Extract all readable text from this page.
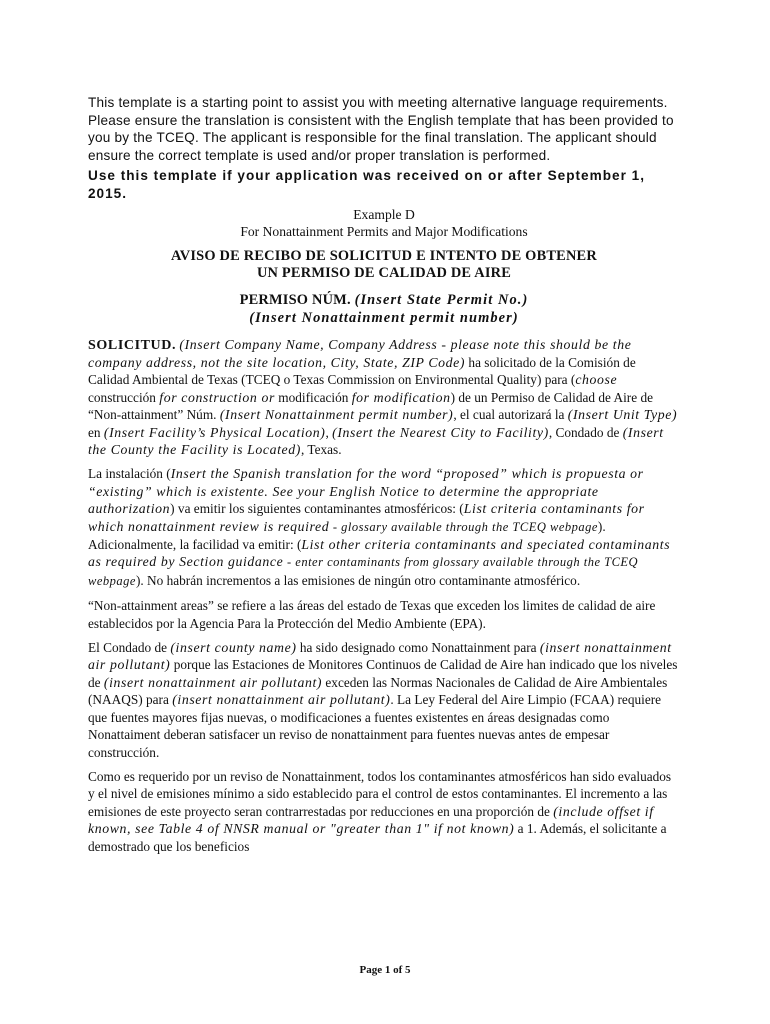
This template is a starting point to assist you with meeting alternative language requirements. Please ensure the translation is consistent with the English template that has been provided to you by the TCEQ. The applicant is responsible for the final translation. The applicant should ensure the correct template is used and/or proper translation is performed.

Use this template if your application was received on or after September 1, 2015.

Example D

For Nonattainment Permits and Major Modifications

AVISO DE RECIBO DE SOLICITUD E INTENTO DE OBTENER
UN PERMISO DE CALIDAD DE AIRE
PERMISO NÚM. (Insert State Permit No.)
(Insert Nonattainment permit number)

SOLICITUD. (Insert Company Name, Company Address - please note this should be the company address, not the site location, City, State, ZIP Code) ha solicitado de la Comisión de Calidad Ambiental de Texas (TCEQ o Texas Commission on Environmental Quality) para (choose construcción for construction or modificación for modification) de un Permiso de Calidad de Aire de “Non-attainment” Núm. (Insert Nonattainment permit number), el cual autorizará la (Insert Unit Type) en (Insert Facility’s Physical Location), (Insert the Nearest City to Facility), Condado de (Insert the County the Facility is Located), Texas.

La instalación (Insert the Spanish translation for the word “proposed” which is propuesta or “existing” which is existente. See your English Notice to determine the appropriate authorization) va emitir los siguientes contaminantes atmosféricos: (List criteria contaminants for which nonattainment review is required - glossary available through the TCEQ webpage). Adicionalmente, la facilidad va emitir: (List other criteria contaminants and speciated contaminants as required by Section guidance - enter contaminants from glossary available through the TCEQ webpage). No habrán incrementos a las emisiones de ningún otro contaminante atmosférico.

“Non-attainment areas” se refiere a las áreas del estado de Texas que exceden los limites de calidad de aire establecidos por la Agencia Para la Protección del Medio Ambiente (EPA).

El Condado de (insert county name) ha sido designado como Nonattainment para (insert nonattainment air pollutant) porque las Estaciones de Monitores Continuos de Calidad de Aire han indicado que los niveles de (insert nonattainment air pollutant) exceden las Normas Nacionales de Calidad de Aire Ambientales (NAAQS) para (insert nonattainment air pollutant). La Ley Federal del Aire Limpio (FCAA) requiere que fuentes mayores fijas nuevas, o modificaciones a fuentes existentes en áreas designadas como Nonattaiment deberan satisfacer un reviso de nonattainment para fuentes nuevas antes de empesar construcción.

Como es requerido por un reviso de Nonattainment, todos los contaminantes atmosféricos han sido evaluados y el nivel de emisiones mínimo a sido establecido para el control de estos contaminantes. El incremento a las emisiones de este proyecto seran contrarrestadas por reducciones en una proporción de (include offset if known, see Table 4 of NNSR manual or "greater than 1" if not known) a 1. Además, el solicitante a demostrado que los beneficios

Page 1 of 5
